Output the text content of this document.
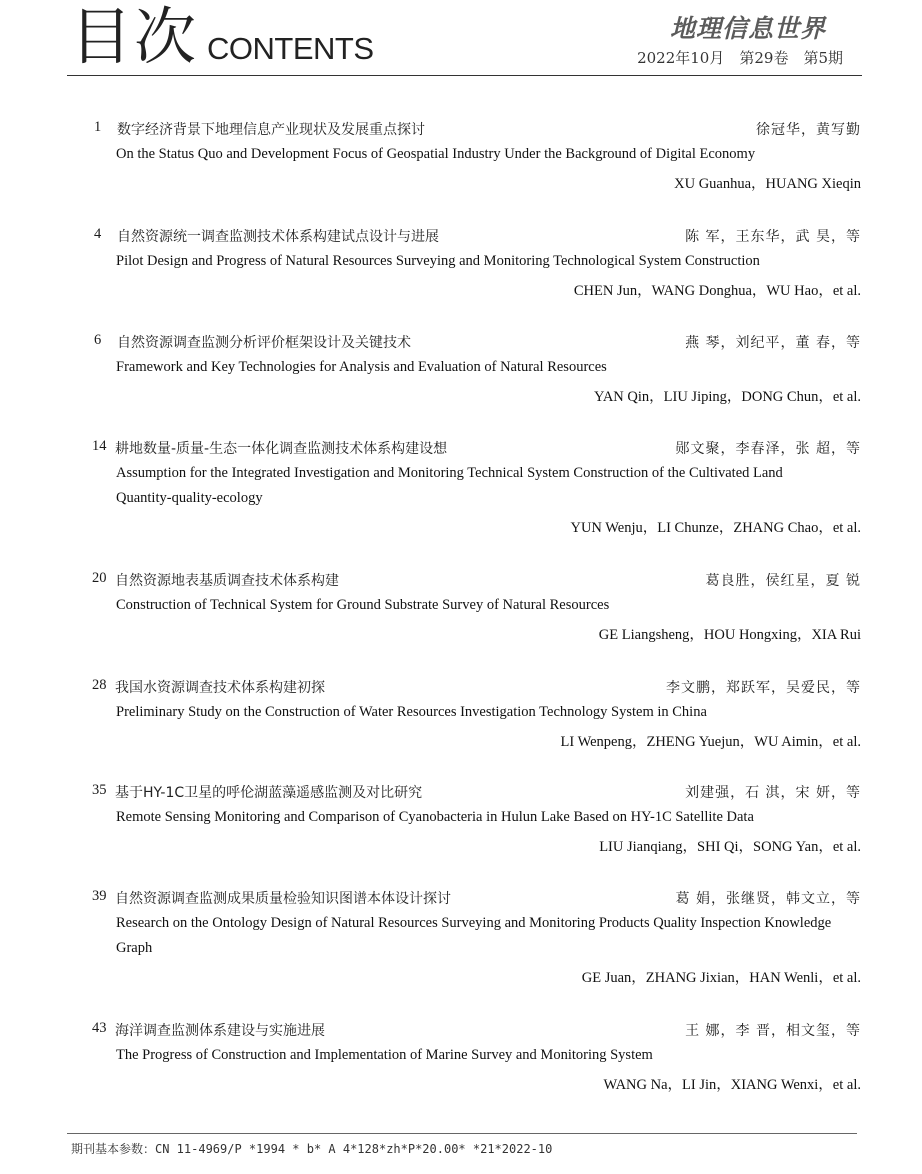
目次 CONTENTS
地理信息世界
2022年10月　第29卷　第5期
1 数字经济背景下地理信息产业现状及发展重点探讨	徐冠华，黄写勤
On the Status Quo and Development Focus of Geospatial Industry Under the Background of Digital Economy
XU Guanhua，HUANG Xieqin
4 自然资源统一调查监测技术体系构建试点设计与进展	陈 军，王东华，武 昊，等
Pilot Design and Progress of Natural Resources Surveying and Monitoring Technological System Construction
CHEN Jun，WANG Donghua，WU Hao，et al.
6 自然资源调查监测分析评价框架设计及关键技术	燕 琴，刘纪平，董 春，等
Framework and Key Technologies for Analysis and Evaluation of Natural Resources
YAN Qin，LIU Jiping，DONG Chun，et al.
14 耕地数量-质量-生态一体化调查监测技术体系构建设想	郧文聚，李春泽，张 超，等
Assumption for the Integrated Investigation and Monitoring Technical System Construction of the Cultivated Land
Quantity-quality-ecology
YUN Wenju，LI Chunze，ZHANG Chao，et al.
20 自然资源地表基质调查技术体系构建	葛良胜，侯红星，夏 锐
Construction of Technical System for Ground Substrate Survey of Natural Resources
GE Liangsheng，HOU Hongxing，XIA Rui
28 我国水资源调查技术体系构建初探	李文鹏，郑跃军，吴爱民，等
Preliminary Study on the Construction of Water Resources Investigation Technology System in China
LI Wenpeng，ZHENG Yuejun，WU Aimin，et al.
35 基于HY-1C卫星的呼伦湖蓝藻遥感监测及对比研究	刘建强，石 淇，宋 妍，等
Remote Sensing Monitoring and Comparison of Cyanobacteria in Hulun Lake Based on HY-1C Satellite Data
LIU Jianqiang，SHI Qi，SONG Yan，et al.
39 自然资源调查监测成果质量检验知识图谱本体设计探讨	葛 娟，张继贤，韩文立，等
Research on the Ontology Design of Natural Resources Surveying and Monitoring Products Quality Inspection Knowledge
Graph
GE Juan，ZHANG Jixian，HAN Wenli，et al.
43 海洋调查监测体系建设与实施进展	王 娜，李 晋，相文玺，等
The Progress of Construction and Implementation of Marine Survey and Monitoring System
WANG Na，LI Jin，XIANG Wenxi，et al.
期刊基本参数：CN 11-4969/P *1994 * b* A 4*128*zh*P*20.00* *21*2022-10
